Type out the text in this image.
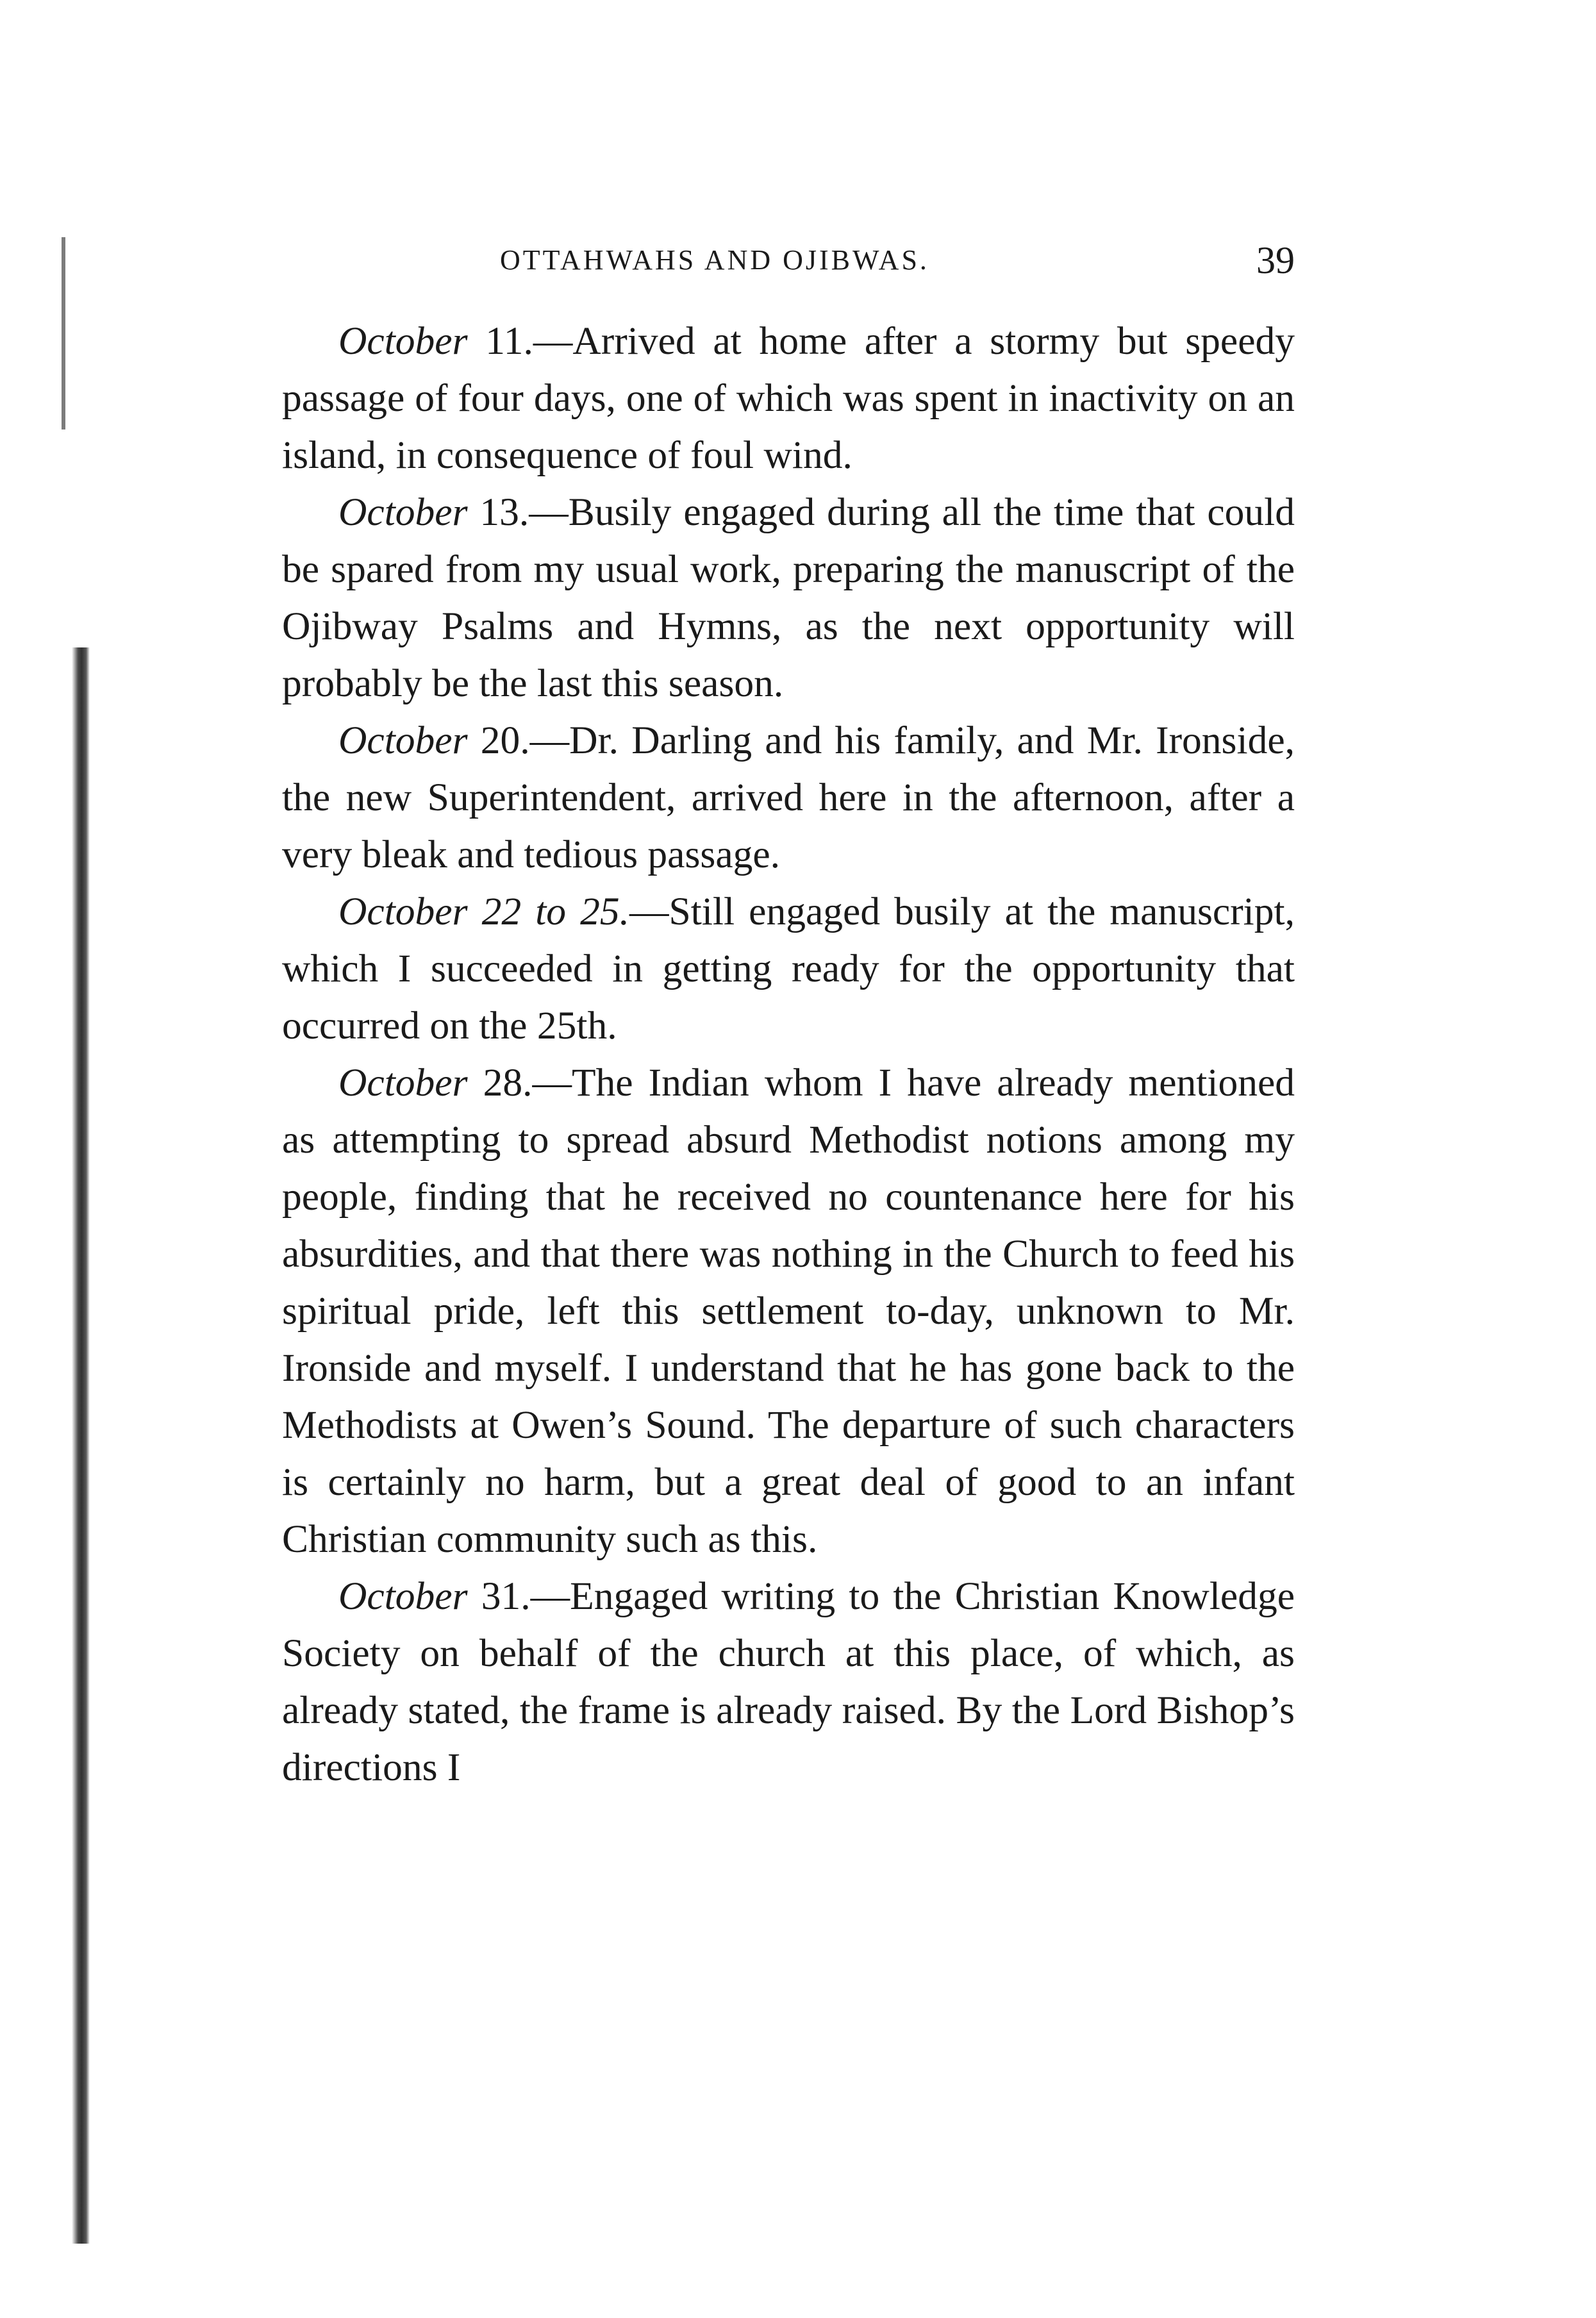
OTTAHWAHS AND OJIBWAS.	39

October 11.—Arrived at home after a stormy but speedy passage of four days, one of which was spent in inactivity on an island, in consequence of foul wind.

October 13.—Busily engaged during all the time that could be spared from my usual work, preparing the manuscript of the Ojibway Psalms and Hymns, as the next opportunity will probably be the last this season.

October 20.—Dr. Darling and his family, and Mr. Ironside, the new Superintendent, arrived here in the afternoon, after a very bleak and tedious passage.

October 22 to 25.—Still engaged busily at the manuscript, which I succeeded in getting ready for the opportunity that occurred on the 25th.

October 28.—The Indian whom I have already mentioned as attempting to spread absurd Methodist notions among my people, finding that he received no countenance here for his absurdities, and that there was nothing in the Church to feed his spiritual pride, left this settlement to-day, unknown to Mr. Ironside and myself. I understand that he has gone back to the Methodists at Owen’s Sound. The departure of such characters is certainly no harm, but a great deal of good to an infant Christian community such as this.

October 31.—Engaged writing to the Christian Knowledge Society on behalf of the church at this place, of which, as already stated, the frame is already raised. By the Lord Bishop’s directions I
